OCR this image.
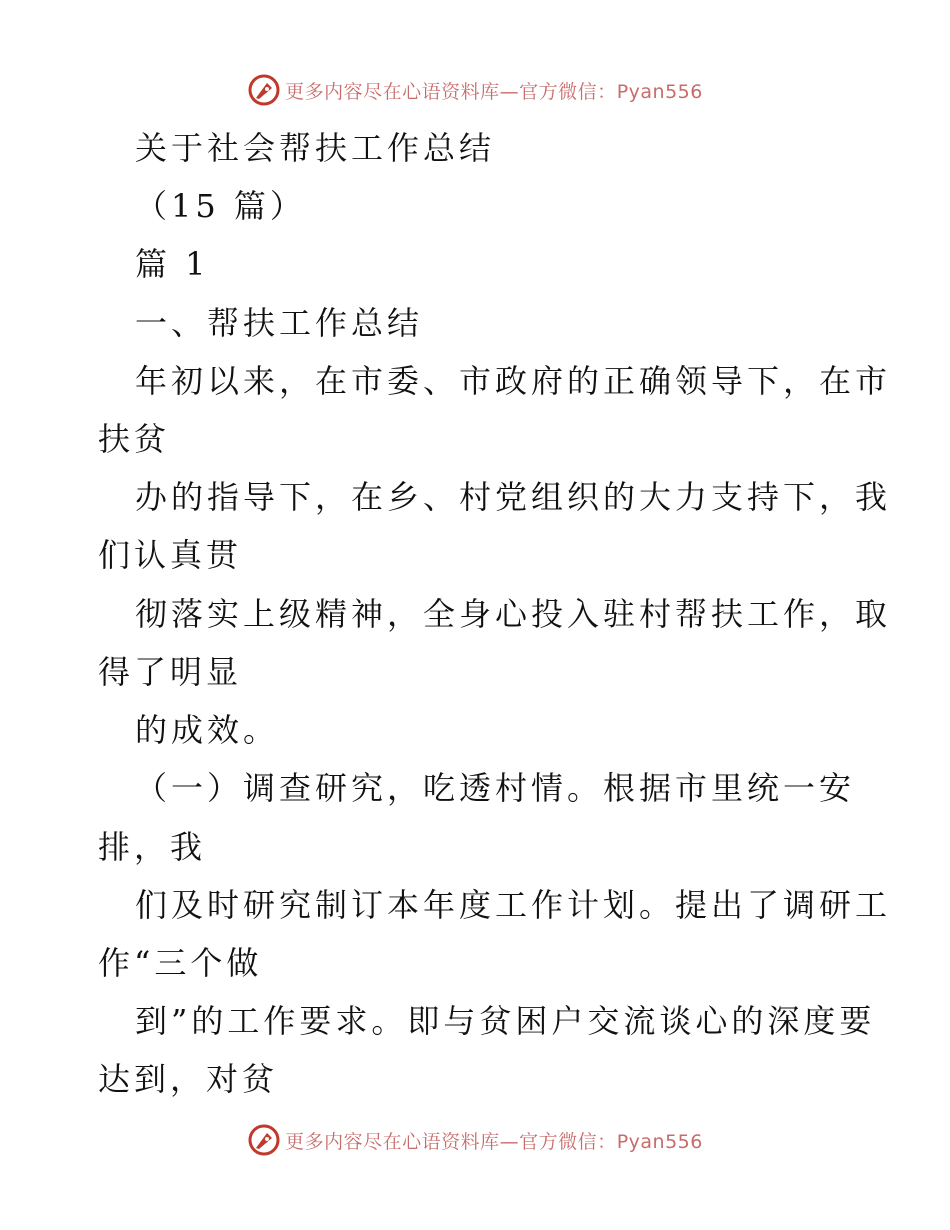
更多内容尽在心语资料库—官方微信：Pyan556
关于社会帮扶工作总结
（15 篇）
篇 1
一、帮扶工作总结
年初以来，在市委、市政府的正确领导下，在市
扶贫
办的指导下，在乡、村党组织的大力支持下，我
们认真贯
彻落实上级精神，全身心投入驻村帮扶工作，取
得了明显
的成效。
（一）调查研究，吃透村情。根据市里统一安
排，我
们及时研究制订本年度工作计划。提出了调研工
作“三个做
到”的工作要求。即与贫困户交流谈心的深度要
达到，对贫
更多内容尽在心语资料库—官方微信：Pyan556
